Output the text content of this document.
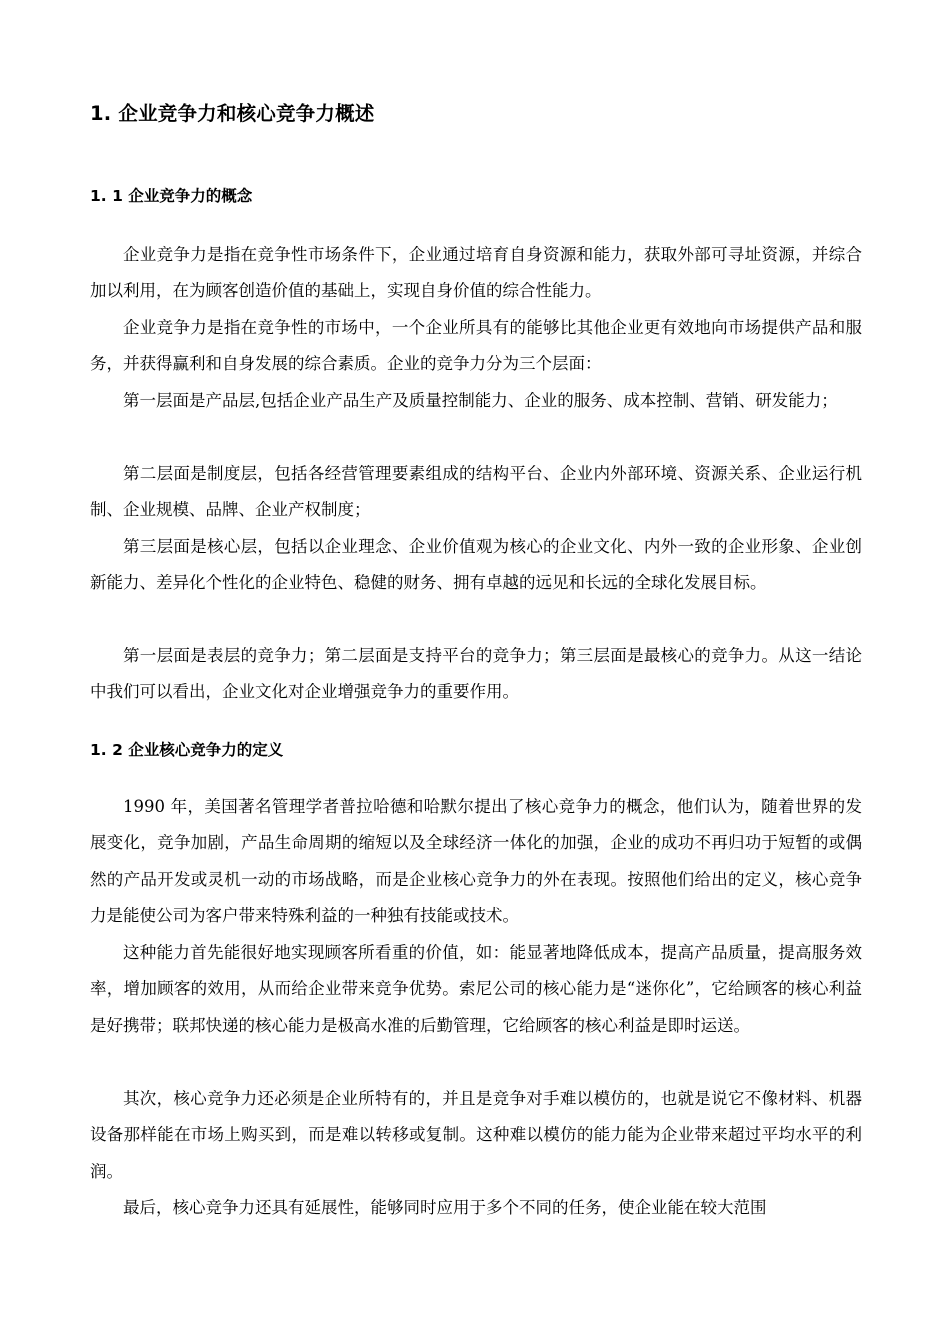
1. 企业竞争力和核心竞争力概述
1. 1 企业竞争力的概念

企业竞争力是指在竞争性市场条件下，企业通过培育自身资源和能力，获取外部可寻址资源，并综合加以利用，在为顾客创造价值的基础上，实现自身价值的综合性能力。

企业竞争力是指在竞争性的市场中，一个企业所具有的能够比其他企业更有效地向市场提供产品和服务，并获得赢利和自身发展的综合素质。企业的竞争力分为三个层面：

第一层面是产品层,包括企业产品生产及质量控制能力、企业的服务、成本控制、营销、研发能力；

第二层面是制度层，包括各经营管理要素组成的结构平台、企业内外部环境、资源关系、企业运行机制、企业规模、品牌、企业产权制度；

第三层面是核心层，包括以企业理念、企业价值观为核心的企业文化、内外一致的企业形象、企业创新能力、差异化个性化的企业特色、稳健的财务、拥有卓越的远见和长远的全球化发展目标。

第一层面是表层的竞争力；第二层面是支持平台的竞争力；第三层面是最核心的竞争力。从这一结论中我们可以看出，企业文化对企业增强竞争力的重要作用。

1. 2 企业核心竞争力的定义

1990 年，美国著名管理学者普拉哈德和哈默尔提出了核心竞争力的概念，他们认为，随着世界的发展变化，竞争加剧，产品生命周期的缩短以及全球经济一体化的加强，企业的成功不再归功于短暂的或偶然的产品开发或灵机一动的市场战略，而是企业核心竞争力的外在表现。按照他们给出的定义，核心竞争力是能使公司为客户带来特殊利益的一种独有技能或技术。

这种能力首先能很好地实现顾客所看重的价值，如：能显著地降低成本，提高产品质量，提高服务效率，增加顾客的效用，从而给企业带来竞争优势。索尼公司的核心能力是“迷你化”，它给顾客的核心利益是好携带；联邦快递的核心能力是极高水准的后勤管理，它给顾客的核心利益是即时运送。

其次，核心竞争力还必须是企业所特有的，并且是竞争对手难以模仿的，也就是说它不像材料、机器设备那样能在市场上购买到，而是难以转移或复制。这种难以模仿的能力能为企业带来超过平均水平的利润。

最后，核心竞争力还具有延展性，能够同时应用于多个不同的任务，使企业能在较大范围
